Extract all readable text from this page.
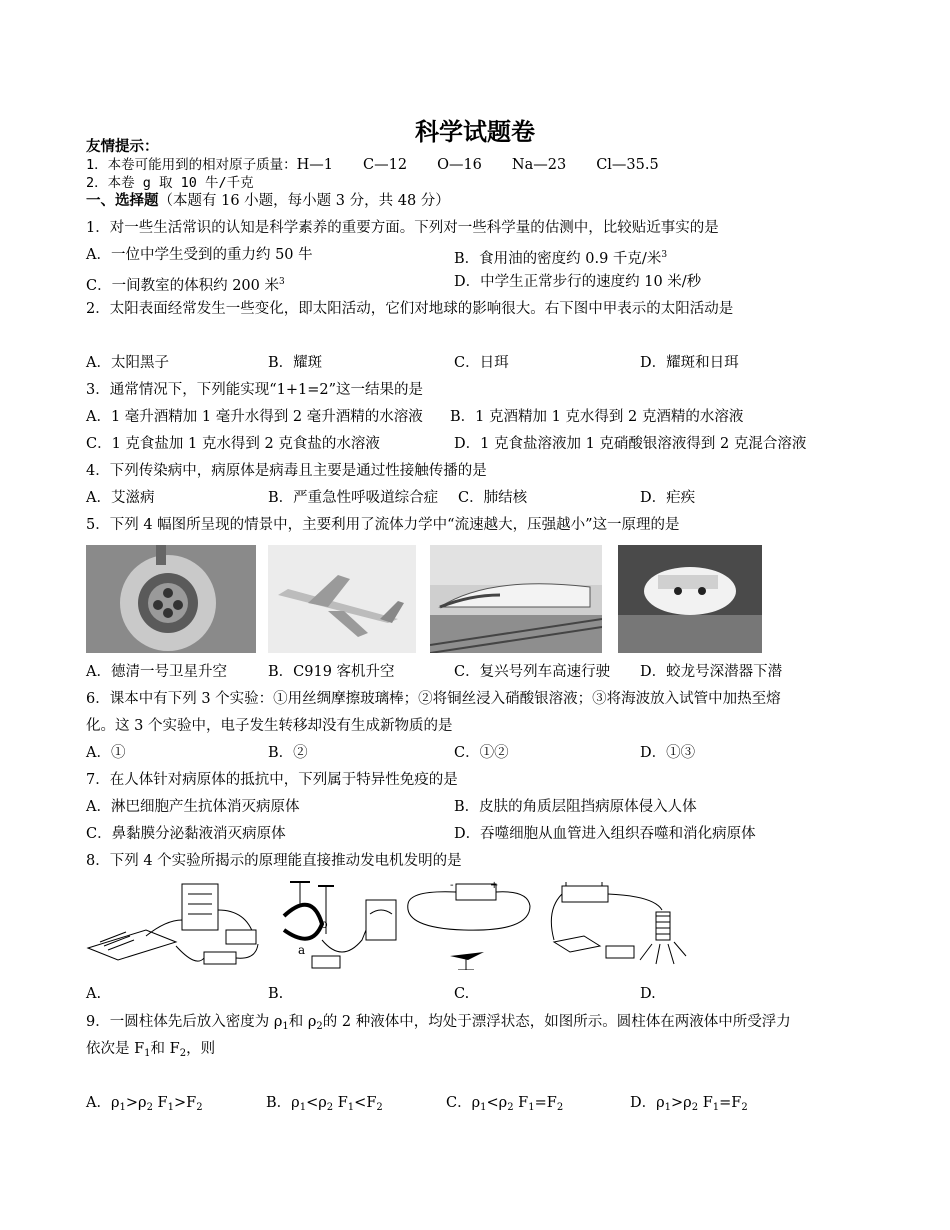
科学试题卷
友情提示：
1．本卷可能用到的相对原子质量：H—1 C—12 O—16 Na—23 Cl—35.5
2．本卷 g 取 10 牛/千克
一、选择题（本题有 16 小题，每小题 3 分，共 48 分）
1．对一些生活常识的认知是科学素养的重要方面。下列对一些科学量的估测中，比较贴近事实的是
A．一位中学生受到的重力约 50 牛	B．食用油的密度约 0.9 千克/米$^3$
C．一间教室的体积约 200 米$^3$	D．中学生正常步行的速度约 10 米/秒
2．太阳表面经常发生一些变化，即太阳活动，它们对地球的影响很大。右下图中甲表示的太阳活动是
A．太阳黑子	B．耀斑	C．日珥	D．耀斑和日珥
3．通常情况下，下列能实现“1+1=2”这一结果的是
A．1 毫升酒精加 1 毫升水得到 2 毫升酒精的水溶液 B．1 克酒精加 1 克水得到 2 克酒精的水溶液
C．1 克食盐加 1 克水得到 2 克食盐的水溶液	D．1 克食盐溶液加 1 克硝酸银溶液得到 2 克混合溶液
4．下列传染病中，病原体是病毒且主要是通过性接触传播的是
A．艾滋病	B．严重急性呼吸道综合症 C．肺结核	D．疟疾
5．下列 4 幅图所呈现的情景中，主要利用了流体力学中“流速越大，压强越小”这一原理的是
A．德清一号卫星升空	B．C919 客机升空	C．复兴号列车高速行驶 D．蛟龙号深潜器下潜
6．课本中有下列 3 个实验：①用丝绸摩擦玻璃棒；②将铜丝浸入硝酸银溶液；③将海波放入试管中加热至熔
化。这 3 个实验中，电子发生转移却没有生成新物质的是
A．①	B．②	C．①②	D．①③
7．在人体针对病原体的抵抗中，下列属于特异性免疫的是
A．淋巴细胞产生抗体消灭病原体	B．皮肤的角质层阻挡病原体侵入人体
C．鼻黏膜分泌黏液消灭病原体	D．吞噬细胞从血管进入组织吞噬和消化病原体
8．下列 4 个实验所揭示的原理能直接推动发电机发明的是
b
a
-	+
A.	B.	C.	D.
9．一圆柱体先后放入密度为 $\rho_1$和 $\rho_2$的 2 种液体中，均处于漂浮状态，如图所示。圆柱体在两液体中所受浮力
依次是 $F_1$和 $F_2$，则
A．$\rho_1>\rho_2$ $F_1>F_2$	B．$\rho_1<\rho_2$ $F_1<F_2$	C．$\rho_1<\rho_2$ $F_1=F_2$	D．$\rho_1>\rho_2$ $F_1=F_2$
